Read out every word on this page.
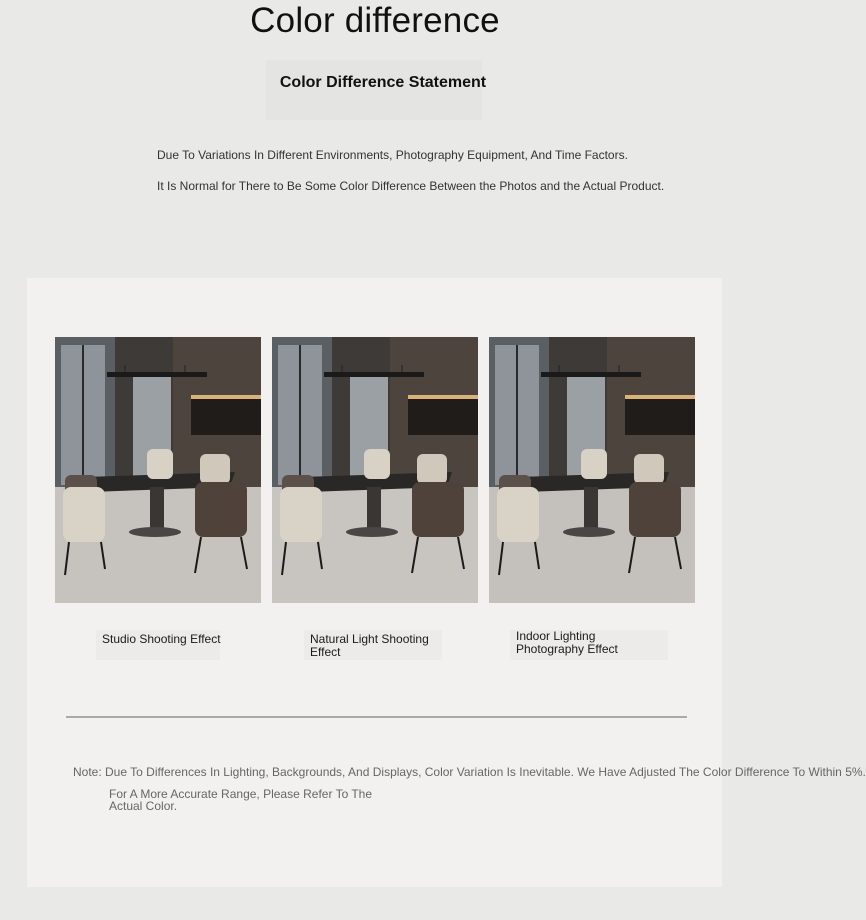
Color difference
Color Difference Statement
Due To Variations In Different Environments, Photography Equipment, And Time Factors.
It Is Normal for There to Be Some Color Difference Between the Photos and the Actual Product.
Studio Shooting Effect	Natural Light Shooting Effect
Indoor Lighting Photography Effect
Note: Due To Differences In Lighting, Backgrounds, And Displays, Color Variation Is Inevitable. We Have Adjusted The Color Difference To Within 5%.
For A More Accurate Range, Please Refer To The Actual Color.
